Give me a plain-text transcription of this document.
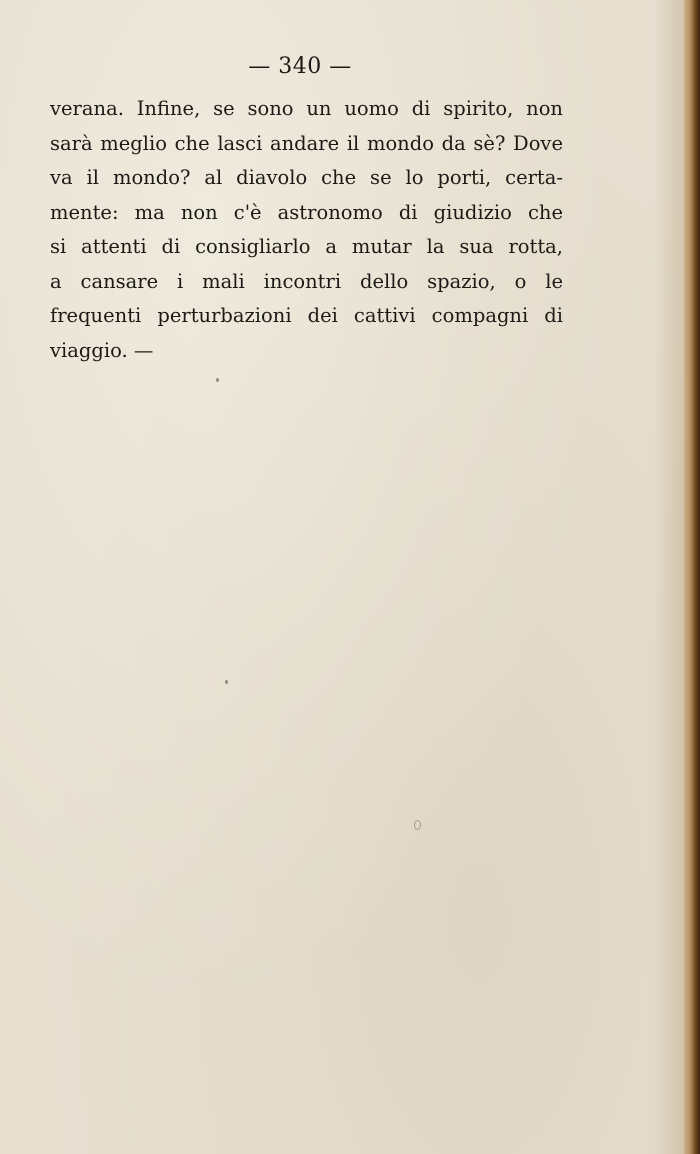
— 340 —
verana. Infine, se sono un uomo di spirito, non
sarà meglio che lasci andare il mondo da sè? Dove
va il mondo? al diavolo che se lo porti, certa-
mente: ma non c'è astronomo di giudizio che
si attenti di consigliarlo a mutar la sua rotta,
a cansare i mali incontri dello spazio, o le
frequenti perturbazioni dei cattivi compagni di
viaggio. —
